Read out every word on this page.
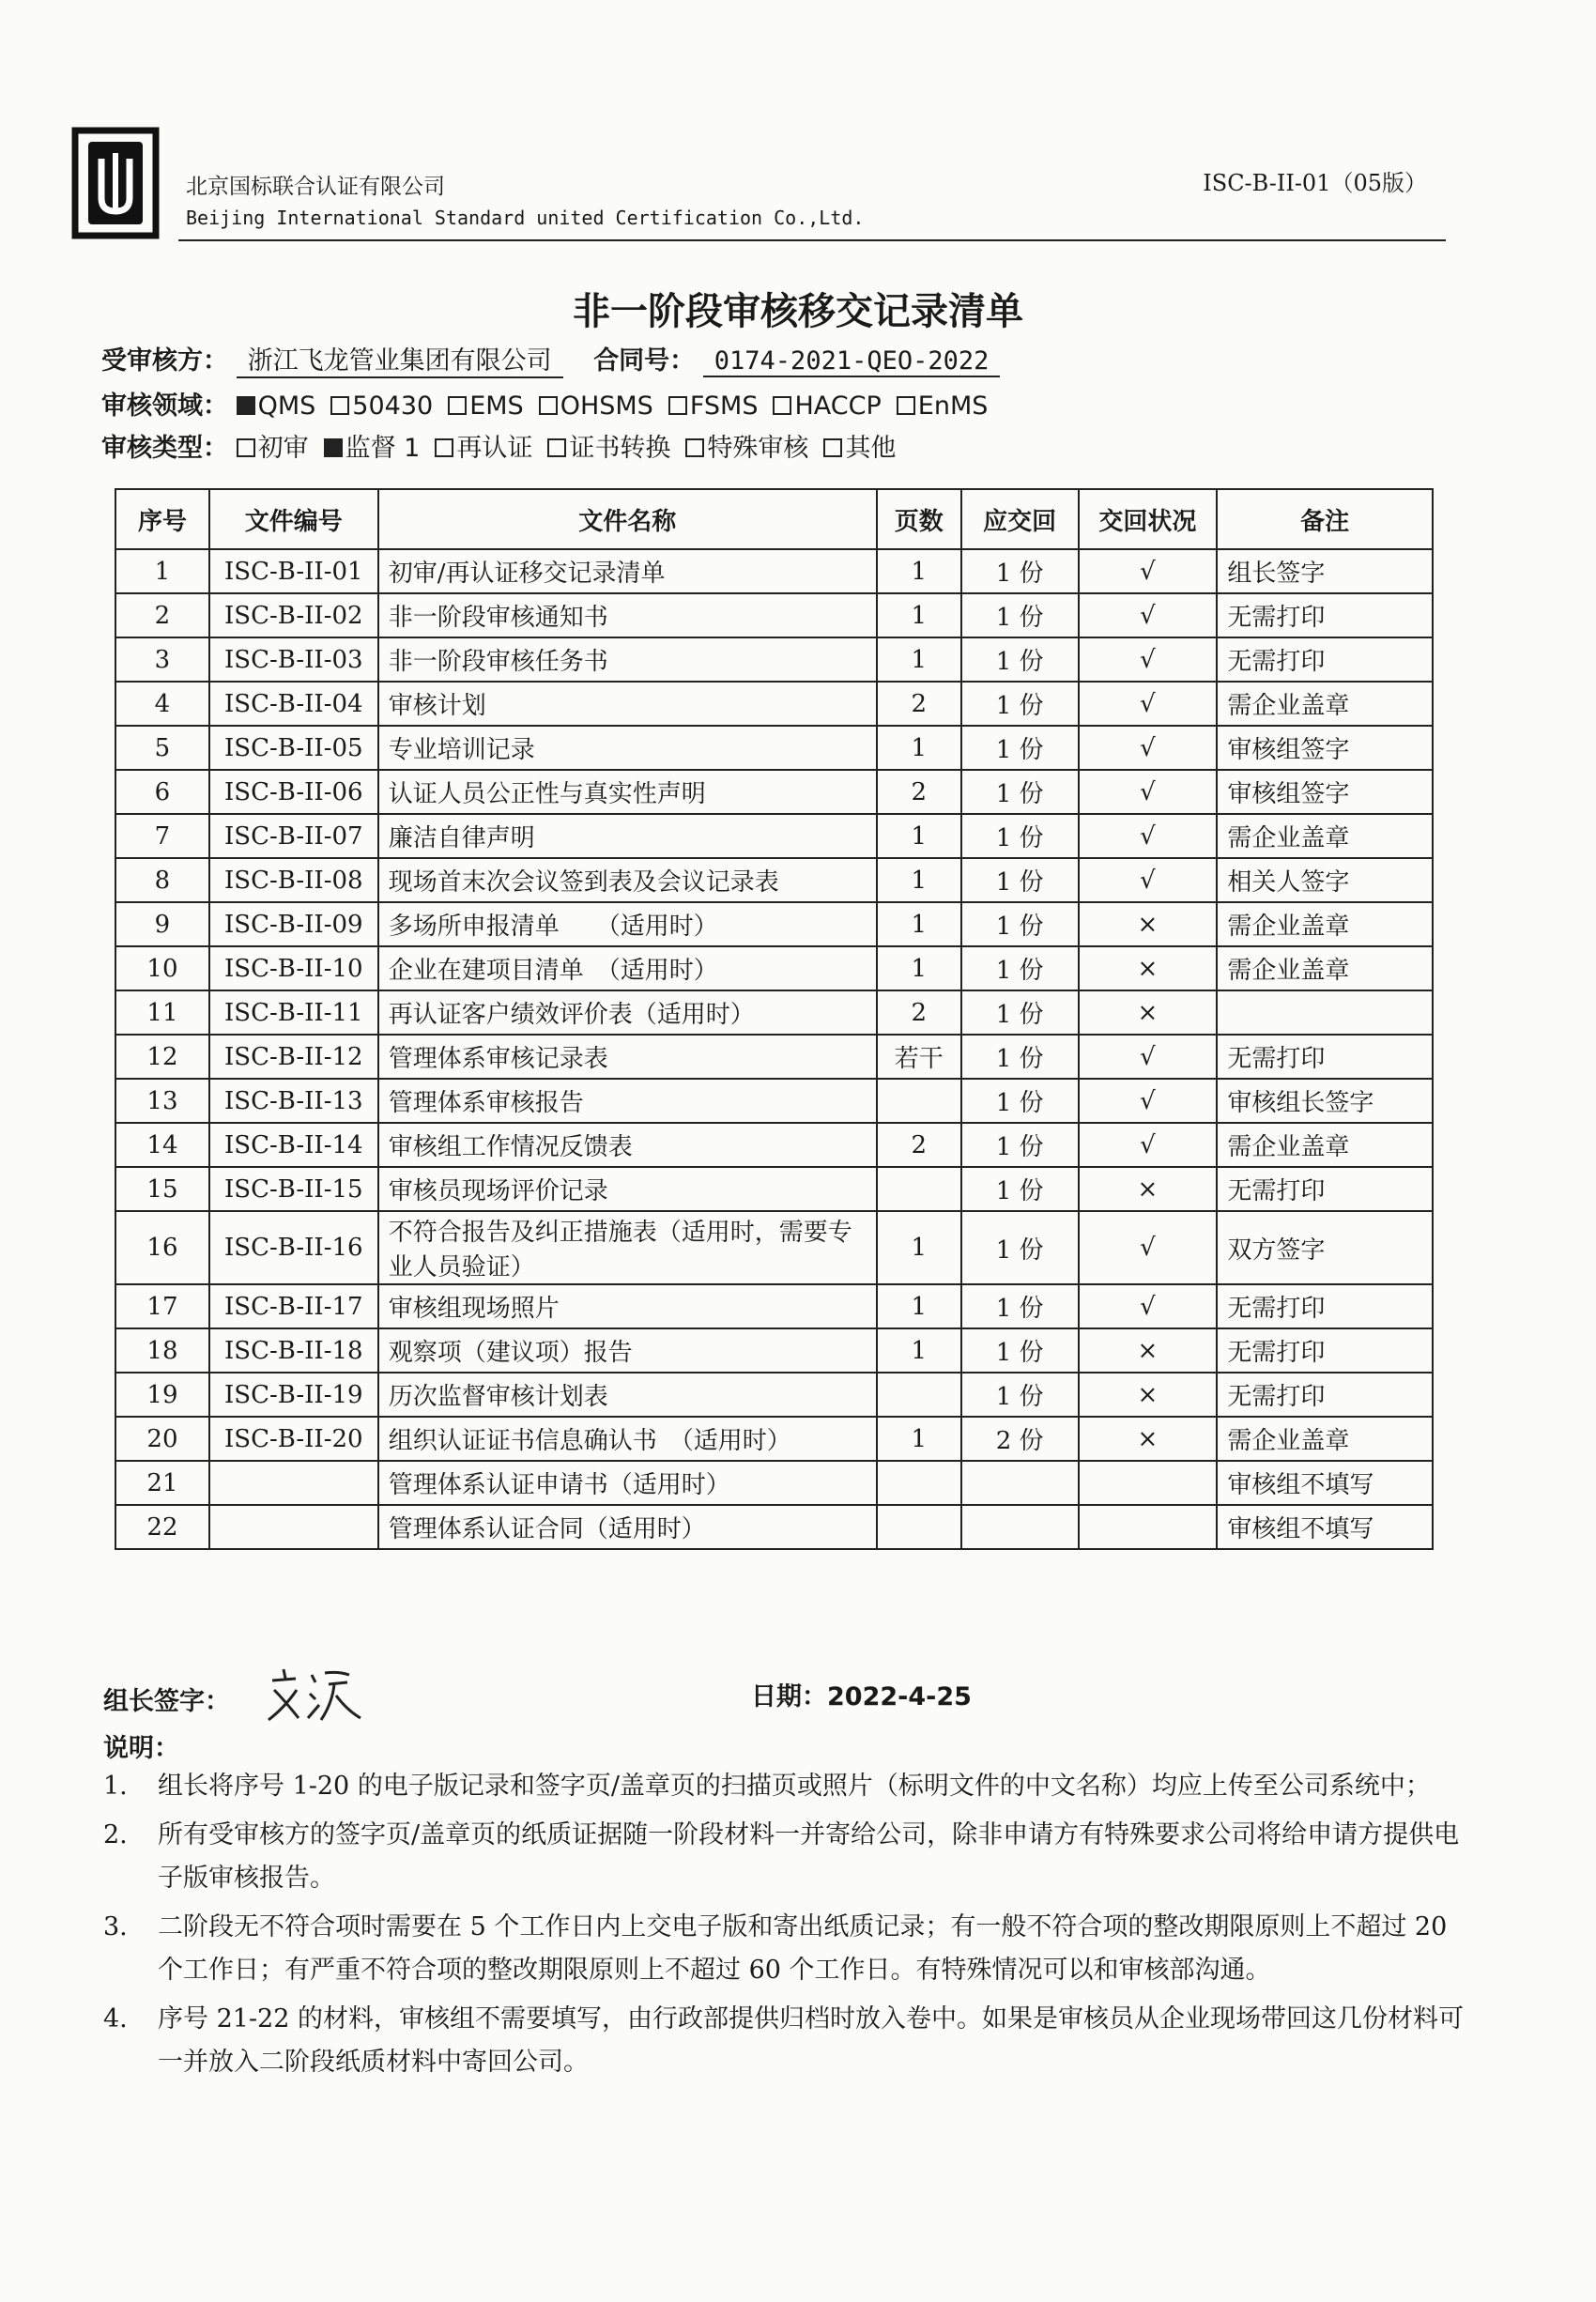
北京国标联合认证有限公司
Beijing International Standard united Certification Co.,Ltd.
ISC-B-II-01（05版）
非一阶段审核移交记录清单
受审核方： 浙江飞龙管业集团有限公司 合同号： 0174-2021-QEO-2022
审核领域： QMS 50430 EMS OHSMS FSMS HACCP EnMS
审核类型： 初审 监督 1 再认证 证书转换 特殊审核 其他
序号	文件编号	文件名称	页数	应交回	交回状况	备注
1	ISC-B-II-01	初审/再认证移交记录清单	1	1 份	√	组长签字
2	ISC-B-II-02	非一阶段审核通知书	1	1 份	√	无需打印
3	ISC-B-II-03	非一阶段审核任务书	1	1 份	√	无需打印
4	ISC-B-II-04	审核计划	2	1 份	√	需企业盖章
5	ISC-B-II-05	专业培训记录	1	1 份	√	审核组签字
6	ISC-B-II-06	认证人员公正性与真实性声明	2	1 份	√	审核组签字
7	ISC-B-II-07	廉洁自律声明	1	1 份	√	需企业盖章
8	ISC-B-II-08	现场首末次会议签到表及会议记录表	1	1 份	√	相关人签字
9	ISC-B-II-09	多场所申报清单　　（适用时）	1	1 份	×	需企业盖章
10	ISC-B-II-10	企业在建项目清单　（适用时）	1	1 份	×	需企业盖章
11	ISC-B-II-11	再认证客户绩效评价表（适用时）	2	1 份	×	
12	ISC-B-II-12	管理体系审核记录表	若干	1 份	√	无需打印
13	ISC-B-II-13	管理体系审核报告		1 份	√	审核组长签字
14	ISC-B-II-14	审核组工作情况反馈表	2	1 份	√	需企业盖章
15	ISC-B-II-15	审核员现场评价记录		1 份	×	无需打印
16	ISC-B-II-16	不符合报告及纠正措施表（适用时，需要专业人员验证）	1	1 份	√	双方签字
17	ISC-B-II-17	审核组现场照片	1	1 份	√	无需打印
18	ISC-B-II-18	观察项（建议项）报告	1	1 份	×	无需打印
19	ISC-B-II-19	历次监督审核计划表		1 份	×	无需打印
20	ISC-B-II-20	组织认证证书信息确认书　（适用时）	1	2 份	×	需企业盖章
21		管理体系认证申请书（适用时）				审核组不填写
22		管理体系认证合同（适用时）				审核组不填写
组长签字：	日期：2022-4-25
说明：
1. 组长将序号 1-20 的电子版记录和签字页/盖章页的扫描页或照片（标明文件的中文名称）均应上传至公司系统中；
2. 所有受审核方的签字页/盖章页的纸质证据随一阶段材料一并寄给公司，除非申请方有特殊要求公司将给申请方提供电子版审核报告。
3. 二阶段无不符合项时需要在 5 个工作日内上交电子版和寄出纸质记录；有一般不符合项的整改期限原则上不超过 20 个工作日；有严重不符合项的整改期限原则上不超过 60 个工作日。有特殊情况可以和审核部沟通。
4. 序号 21-22 的材料，审核组不需要填写，由行政部提供归档时放入卷中。如果是审核员从企业现场带回这几份材料可一并放入二阶段纸质材料中寄回公司。
